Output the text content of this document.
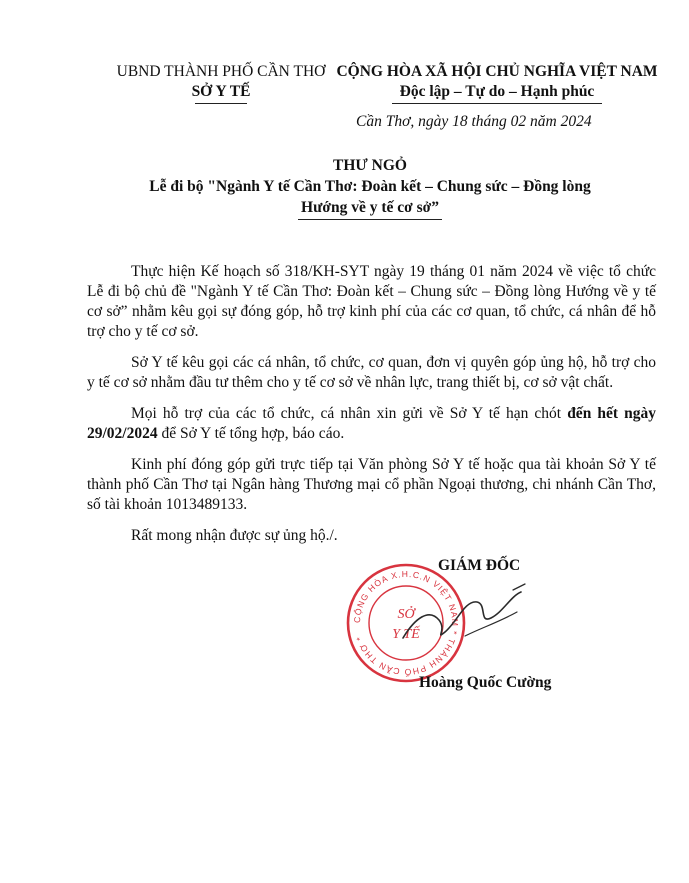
UBND THÀNH PHỐ CẦN THƠ
SỞ Y TẾ
CỘNG HÒA XÃ HỘI CHỦ NGHĨA VIỆT NAM
Độc lập – Tự do – Hạnh phúc
Cần Thơ, ngày 18 tháng 02 năm 2024
THƯ NGỎ
Lễ đi bộ "Ngành Y tế Cần Thơ: Đoàn kết – Chung sức – Đồng lòng
Hướng về y tế cơ sở”

Thực hiện Kế hoạch số 318/KH-SYT ngày 19 tháng 01 năm 2024 về việc tổ chức Lễ đi bộ chủ đề "Ngành Y tế Cần Thơ: Đoàn kết – Chung sức – Đồng lòng Hướng về y tế cơ sở” nhằm kêu gọi sự đóng góp, hỗ trợ kinh phí của các cơ quan, tổ chức, cá nhân để hỗ trợ cho y tế cơ sở.

Sở Y tế kêu gọi các cá nhân, tổ chức, cơ quan, đơn vị quyên góp ủng hộ, hỗ trợ cho y tế cơ sở nhằm đầu tư thêm cho y tế cơ sở về nhân lực, trang thiết bị, cơ sở vật chất.

Mọi hỗ trợ của các tổ chức, cá nhân xin gửi về Sở Y tế hạn chót đến hết ngày 29/02/2024 để Sở Y tế tổng hợp, báo cáo.

Kinh phí đóng góp gửi trực tiếp tại Văn phòng Sở Y tế hoặc qua tài khoản Sở Y tế thành phố Cần Thơ tại Ngân hàng Thương mại cổ phần Ngoại thương, chi nhánh Cần Thơ, số tài khoản 1013489133.

Rất mong nhận được sự ủng hộ./.

GIÁM ĐỐC
CỘNG HÒA X.H.C.N VIỆT NAM * THÀNH PHỐ CẦN THƠ *
SỞ
Y TẾ
Hoàng Quốc Cường
